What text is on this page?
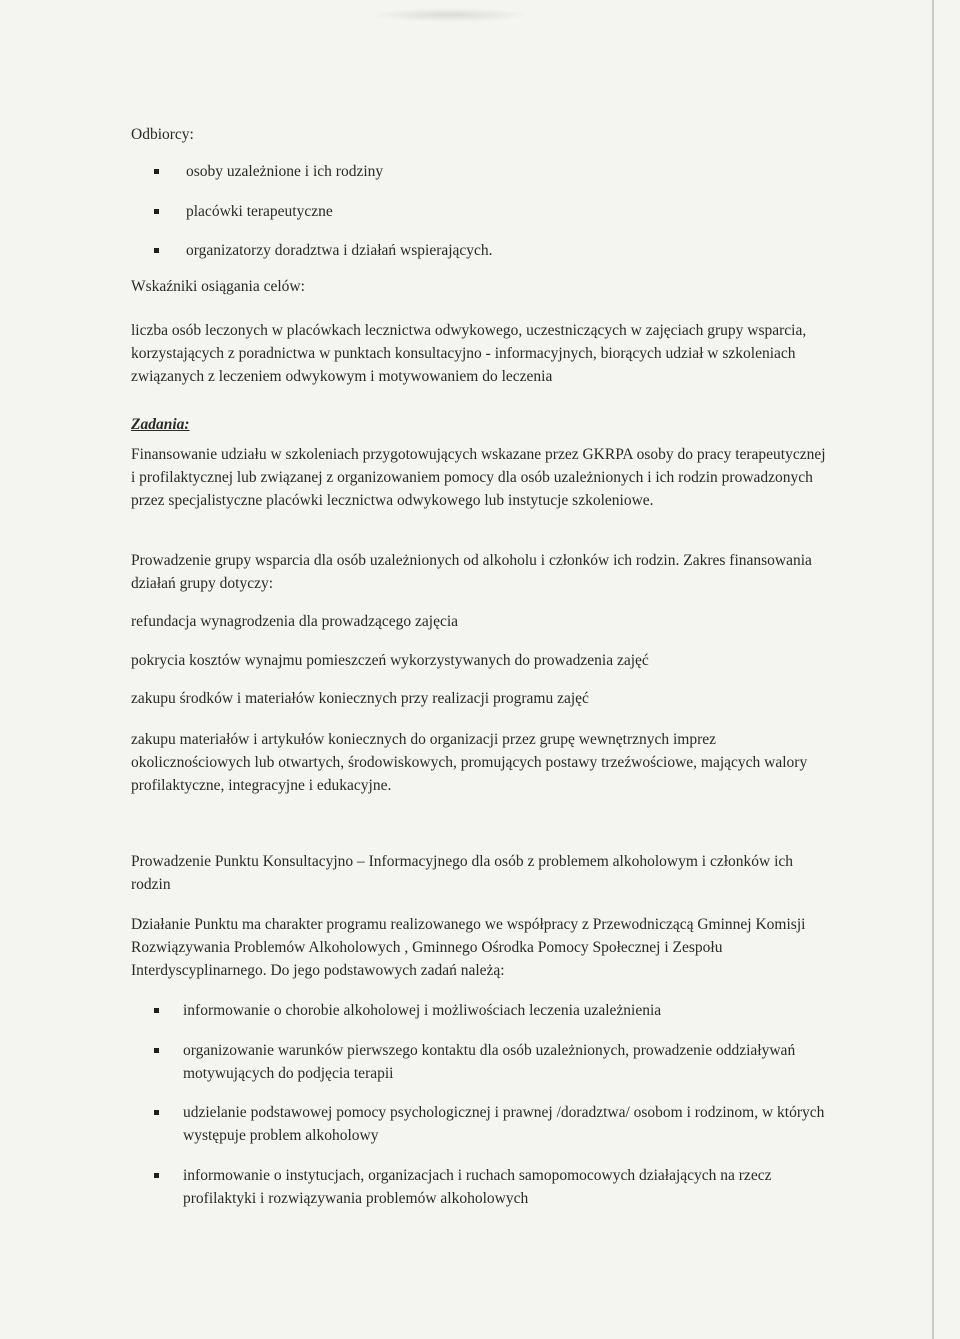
Odbiorcy:

osoby uzależnione i ich rodziny
placówki terapeutyczne
organizatorzy doradztwa i działań wspierających.

Wskaźniki osiągania celów:

liczba osób leczonych w placówkach lecznictwa odwykowego, uczestniczących w zajęciach grupy wsparcia, korzystających z poradnictwa w punktach konsultacyjno - informacyjnych, biorących udział w szkoleniach związanych z leczeniem odwykowym i motywowaniem do leczenia

Zadania:

Finansowanie udziału w szkoleniach przygotowujących wskazane przez GKRPA osoby do pracy terapeutycznej i profilaktycznej lub związanej z organizowaniem pomocy dla osób uzależnionych i ich rodzin prowadzonych przez specjalistyczne placówki lecznictwa odwykowego lub instytucje szkoleniowe.

Prowadzenie grupy wsparcia dla osób uzależnionych od alkoholu i członków ich rodzin. Zakres finansowania działań grupy dotyczy:

refundacja wynagrodzenia dla prowadzącego zajęcia

pokrycia kosztów wynajmu pomieszczeń wykorzystywanych do prowadzenia zajęć

zakupu środków i materiałów koniecznych przy realizacji programu zajęć

zakupu materiałów i artykułów koniecznych do organizacji przez grupę wewnętrznych imprez okolicznościowych lub otwartych, środowiskowych, promujących postawy trzeźwościowe, mających walory profilaktyczne, integracyjne i edukacyjne.

Prowadzenie Punktu Konsultacyjno – Informacyjnego dla osób z problemem alkoholowym i członków ich rodzin

Działanie Punktu ma charakter programu realizowanego we współpracy z Przewodniczącą Gminnej Komisji Rozwiązywania Problemów Alkoholowych , Gminnego Ośrodka Pomocy Społecznej i Zespołu Interdyscyplinarnego. Do jego podstawowych zadań należą:

informowanie o chorobie alkoholowej i możliwościach leczenia uzależnienia
organizowanie warunków pierwszego kontaktu dla osób uzależnionych, prowadzenie oddziaływań motywujących do podjęcia terapii
udzielanie podstawowej pomocy psychologicznej i prawnej /doradztwa/ osobom i rodzinom, w których występuje problem alkoholowy
informowanie o instytucjach, organizacjach i ruchach samopomocowych działających na rzecz profilaktyki i rozwiązywania problemów alkoholowych
